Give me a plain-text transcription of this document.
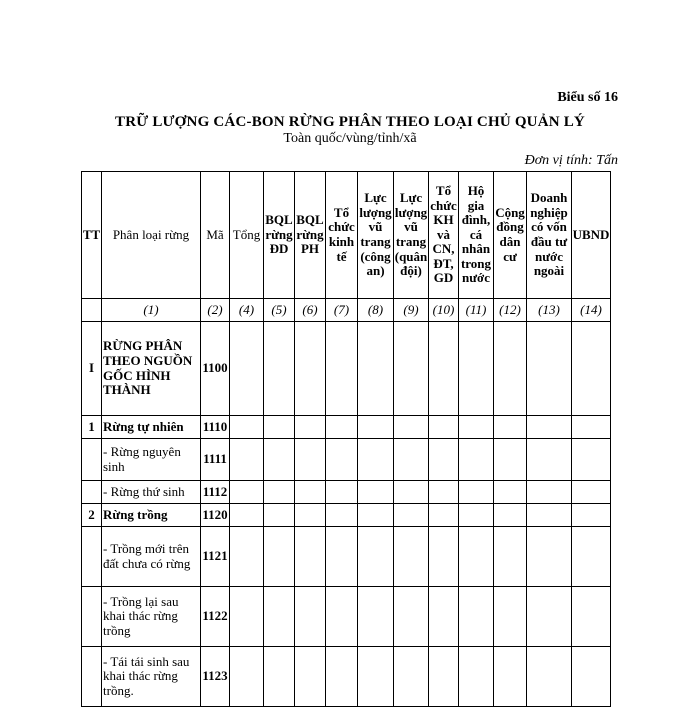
Biểu số 16
TRỮ LƯỢNG CÁC-BON RỪNG PHÂN THEO LOẠI CHỦ QUẢN LÝ
Toàn quốc/vùng/tỉnh/xã
Đơn vị tính: Tấn
TT	Phân loại rừng	Mã	Tổng	BQL rừng ĐD	BQL rừng PH	Tổ chức kinh tế	Lực lượng vũ trang (công an)	Lực lượng vũ trang (quân đội)	Tổ chức KH và CN, ĐT, GD	Hộ gia đình, cá nhân trong nước	Cộng đồng dân cư	Doanh nghiệp có vốn đầu tư nước ngoài	UBND
	(1)	(2)	(4)	(5)	(6)	(7)	(8)	(9)	(10)	(11)	(12)	(13)	(14)
I	RỪNG PHÂN THEO NGUỒN GỐC HÌNH THÀNH	1100											
1	Rừng tự nhiên	1110											
	- Rừng nguyên sinh	1111											
	- Rừng thứ sinh	1112											
2	Rừng trồng	1120											
	- Trồng mới trên đất chưa có rừng	1121											
	- Trồng lại sau khai thác rừng trồng	1122											
	- Tái tái sinh sau khai thác rừng trồng.	1123											
